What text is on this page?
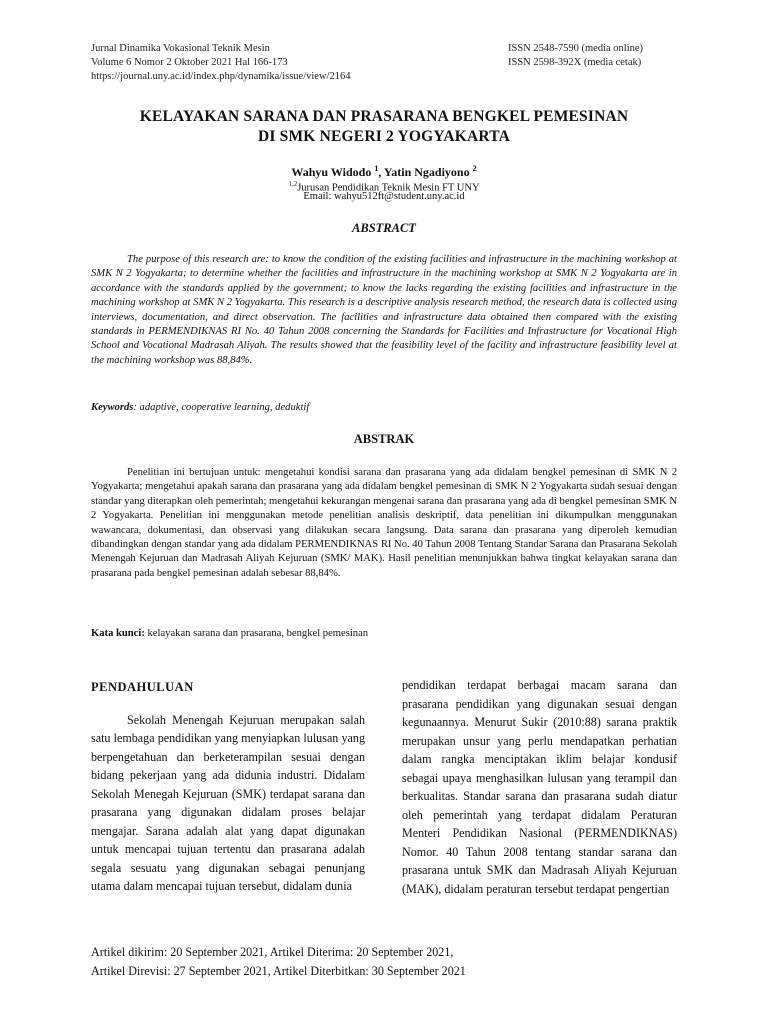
Jurnal Dinamika Vokasional Teknik Mesin
Volume 6 Nomor 2 Oktober 2021 Hal 166-173
https://journal.uny.ac.id/index.php/dynamika/issue/view/2164
ISSN 2548-7590 (media online)
ISSN 2598-392X (media cetak)
KELAYAKAN SARANA DAN PRASARANA BENGKEL PEMESINAN
DI SMK NEGERI 2 YOGYAKARTA
Wahyu Widodo $^1$, Yatin Ngadiyono $^2$
$^{1,2}$Jurusan Pendidikan Teknik Mesin FT UNY
Email: wahyu512ft@student.uny.ac.id
ABSTRACT
The purpose of this research are: to know the condition of the existing facilities and infrastructure in the machining workshop at SMK N 2 Yogyakarta; to determine whether the facilities and infrastructure in the machining workshop at SMK N 2 Yogyakarta are in accordance with the standards applied by the government; to know the lacks regarding the existing facilities and infrastructure in the machining workshop at SMK N 2 Yogyakarta. This research is a descriptive analysis research method, the research data is collected using interviews, documentation, and direct observation. The facilities and infrastructure data obtained then compared with the existing standards in PERMENDIKNAS RI No. 40 Tahun 2008 concerning the Standards for Facilities and Infrastructure for Vocational High School and Vocational Madrasah Aliyah. The results showed that the feasibility level of the facility and infrastructure feasibility level at the machining workshop was 88,84%.
Keywords: adaptive, cooperative learning, deduktif
ABSTRAK
Penelitian ini bertujuan untuk: mengetahui kondisi sarana dan prasarana yang ada didalam bengkel pemesinan di SMK N 2 Yogyakarta; mengetahui apakah sarana dan prasarana yang ada didalam bengkel pemesinan di SMK N 2 Yogyakarta sudah sesuai dengan standar yang diterapkan oleh pemerintah; mengetahui kekurangan mengenai sarana dan prasarana yang ada di bengkel pemesinan SMK N 2 Yogyakarta. Penelitian ini menggunakan metode penelitian analisis deskriptif, data penelitian ini dikumpulkan menggunakan wawancara, dokumentasi, dan observasi yang dilakukan secara langsung. Data sarana dan prasarana yang diperoleh kemudian dibandingkan dengan standar yang ada didalam PERMENDIKNAS RI No. 40 Tahun 2008 Tentang Standar Sarana dan Prasarana Sekolah Menengah Kejuruan dan Madrasah Aliyah Kejuruan (SMK/ MAK). Hasil penelitian menunjukkan bahwa tingkat kelayakan sarana dan prasarana pada bengkel pemesinan adalah sebesar 88,84%.
Kata kunci: kelayakan sarana dan prasarana, bengkel pemesinan
PENDAHULUAN

Sekolah Menengah Kejuruan merupakan salah satu lembaga pendidikan yang menyiapkan lulusan yang berpengetahuan dan berketerampilan sesuai dengan bidang pekerjaan yang ada didunia industri. Didalam Sekolah Menegah Kejuruan (SMK) terdapat sarana dan prasarana yang digunakan didalam proses belajar mengajar. Sarana adalah alat yang dapat digunakan untuk mencapai tujuan tertentu dan prasarana adalah segala sesuatu yang digunakan sebagai penunjang utama dalam mencapai tujuan tersebut, didalam dunia

pendidikan terdapat berbagai macam sarana dan prasarana pendidikan yang digunakan sesuai dengan kegunaannya. Menurut Sukir (2010:88) sarana praktik merupakan unsur yang perlu mendapatkan perhatian dalam rangka menciptakan iklim belajar kondusif sebagai upaya menghasilkan lulusan yang terampil dan berkualitas. Standar sarana dan prasarana sudah diatur oleh pemerintah yang terdapat didalam Peraturan Menteri Pendidikan Nasional (PERMENDIKNAS) Nomor. 40 Tahun 2008 tentang standar sarana dan prasarana untuk SMK dan Madrasah Aliyah Kejuruan (MAK), didalam peraturan tersebut terdapat pengertian

Artikel dikirim: 20 September 2021, Artikel Diterima: 20 September 2021,
Artikel Direvisi: 27 September 2021, Artikel Diterbitkan: 30 September 2021
